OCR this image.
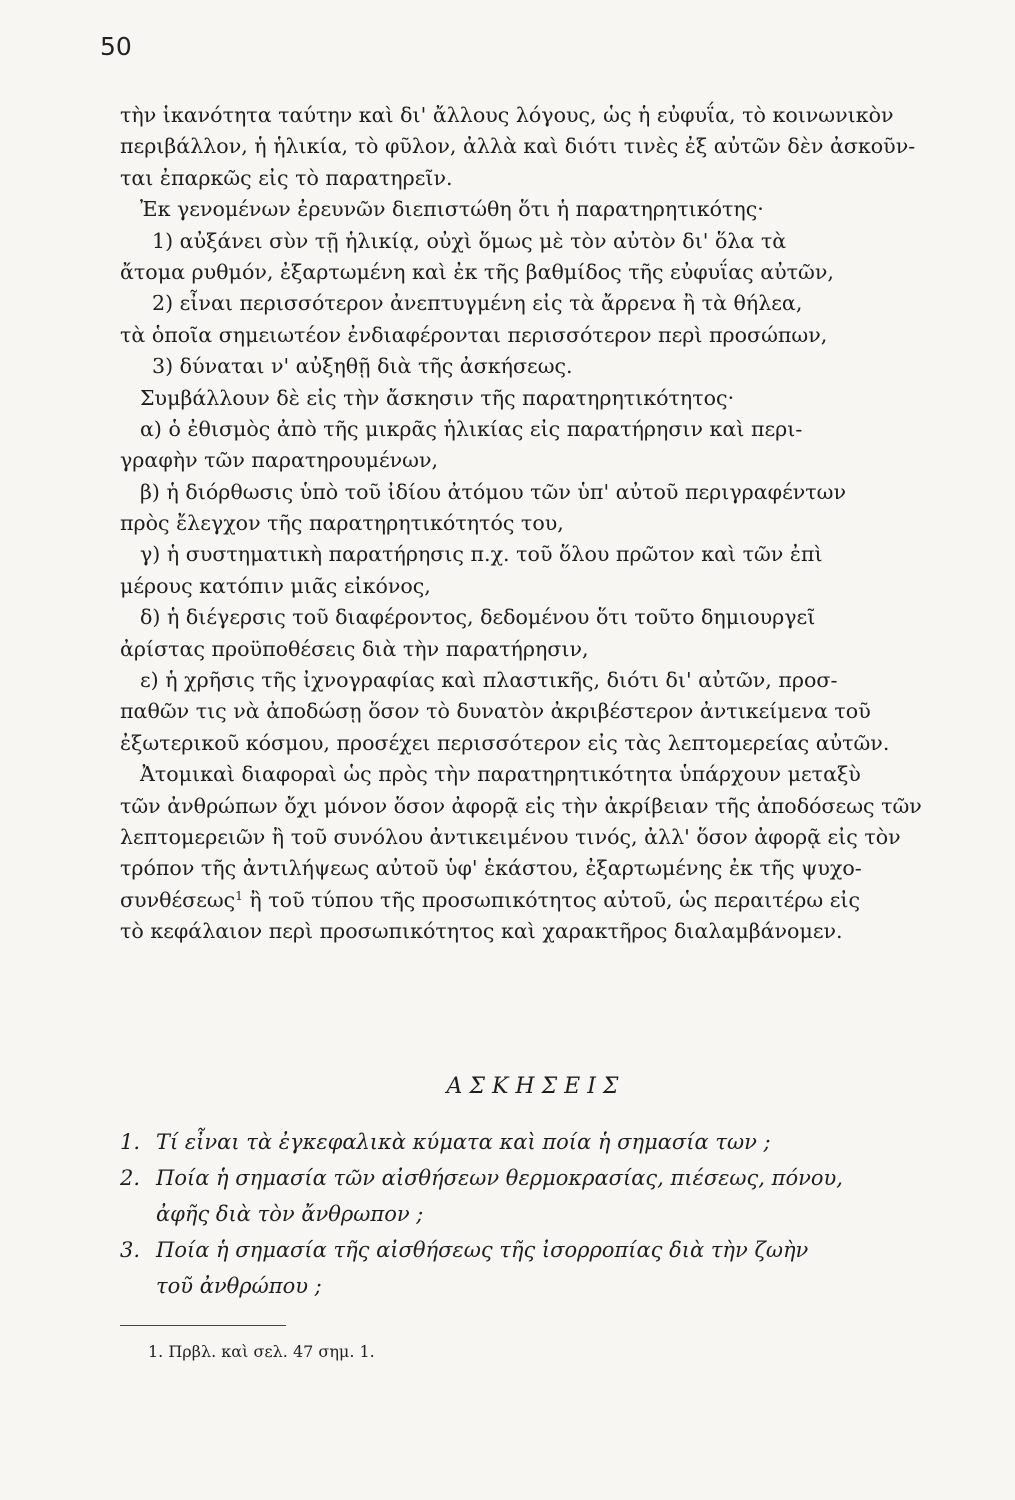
50
τὴν ἱκανότητα ταύτην καὶ δι' ἄλλους λόγους, ὡς ἡ εὐφυΐα, τὸ κοινωνικὸν
περιβάλλον, ἡ ἡλικία, τὸ φῦλον, ἀλλὰ καὶ διότι τινὲς ἐξ αὐτῶν δὲν ἀσκοῦν-
ται ἐπαρκῶς εἰς τὸ παρατηρεῖν.
Ἐκ γενομένων ἐρευνῶν διεπιστώθη ὅτι ἡ παρατηρητικότης·
1) αὐξάνει σὺν τῇ ἡλικίᾳ, οὐχὶ ὅμως μὲ τὸν αὐτὸν δι' ὅλα τὰ
ἄτομα ρυθμόν, ἐξαρτωμένη καὶ ἐκ τῆς βαθμίδος τῆς εὐφυΐας αὐτῶν,
2) εἶναι περισσότερον ἀνεπτυγμένη εἰς τὰ ἄρρενα ἢ τὰ θήλεα,
τὰ ὁποῖα σημειωτέον ἐνδιαφέρονται περισσότερον περὶ προσώπων,
3) δύναται ν' αὐξηθῇ διὰ τῆς ἀσκήσεως.
Συμβάλλουν δὲ εἰς τὴν ἄσκησιν τῆς παρατηρητικότητος·
α) ὁ ἐθισμὸς ἀπὸ τῆς μικρᾶς ἡλικίας εἰς παρατήρησιν καὶ περι-
γραφὴν τῶν παρατηρουμένων,
β) ἡ διόρθωσις ὑπὸ τοῦ ἰδίου ἀτόμου τῶν ὑπ' αὐτοῦ περιγραφέντων
πρὸς ἔλεγχον τῆς παρατηρητικότητός του,
γ) ἡ συστηματικὴ παρατήρησις π.χ. τοῦ ὅλου πρῶτον καὶ τῶν ἐπὶ
μέρους κατόπιν μιᾶς εἰκόνος,
δ) ἡ διέγερσις τοῦ διαφέροντος, δεδομένου ὅτι τοῦτο δημιουργεῖ
ἀρίστας προϋποθέσεις διὰ τὴν παρατήρησιν,
ε) ἡ χρῆσις τῆς ἰχνογραφίας καὶ πλαστικῆς, διότι δι' αὐτῶν, προσ-
παθῶν τις νὰ ἀποδώσῃ ὅσον τὸ δυνατὸν ἀκριβέστερον ἀντικείμενα τοῦ
ἐξωτερικοῦ κόσμου, προσέχει περισσότερον εἰς τὰς λεπτομερείας αὐτῶν.
Ἀτομικαὶ διαφοραὶ ὡς πρὸς τὴν παρατηρητικότητα ὑπάρχουν μεταξὺ
τῶν ἀνθρώπων ὄχι μόνον ὅσον ἀφορᾷ εἰς τὴν ἀκρίβειαν τῆς ἀποδόσεως τῶν
λεπτομερειῶν ἢ τοῦ συνόλου ἀντικειμένου τινός, ἀλλ' ὅσον ἀφορᾷ εἰς τὸν
τρόπον τῆς ἀντιλήψεως αὐτοῦ ὑφ' ἑκάστου, ἐξαρτωμένης ἐκ τῆς ψυχο-
συνθέσεως$^1$ ἢ τοῦ τύπου τῆς προσωπικότητος αὐτοῦ, ὡς περαιτέρω εἰς
τὸ κεφάλαιον περὶ προσωπικότητος καὶ χαρακτῆρος διαλαμβάνομεν.
ΑΣΚΗΣΕΙΣ
1. Τί εἶναι τὰ ἐγκεφαλικὰ κύματα καὶ ποία ἡ σημασία των ;
2. Ποία ἡ σημασία τῶν αἰσθήσεων θερμοκρασίας, πιέσεως, πόνου,
ἀφῆς διὰ τὸν ἄνθρωπον ;
3. Ποία ἡ σημασία τῆς αἰσθήσεως τῆς ἰσορροπίας διὰ τὴν ζωὴν
τοῦ ἀνθρώπου ;
1. Πρβλ. καὶ σελ. 47 σημ. 1.
